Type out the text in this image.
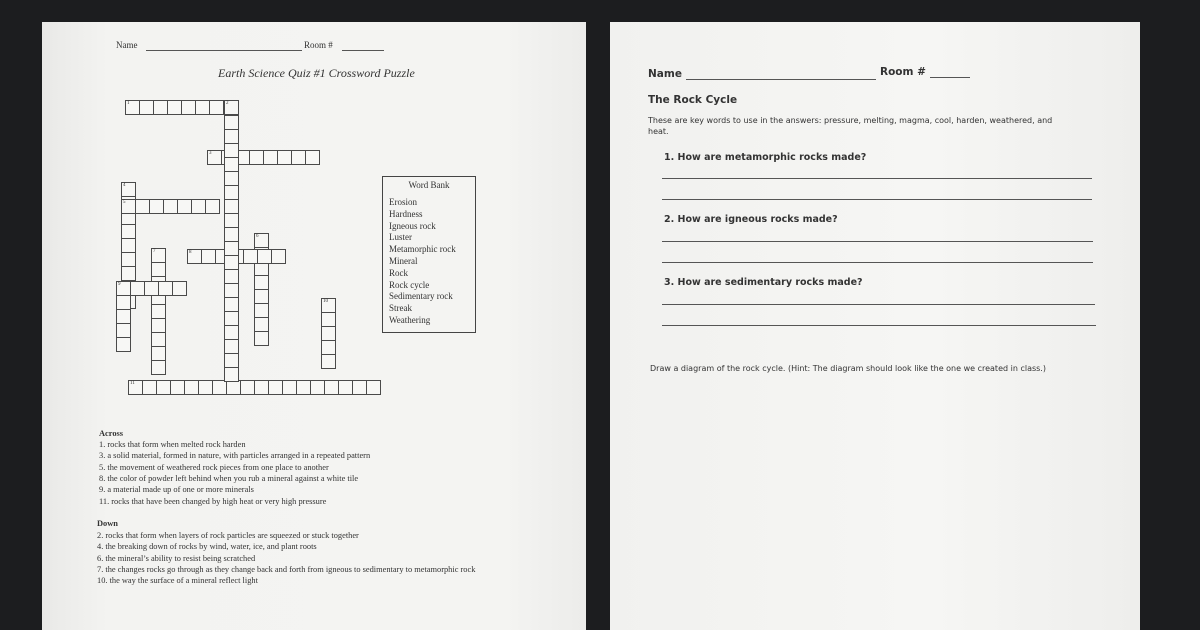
Name	Room #
Earth Science Quiz #1 Crossword Puzzle
1	2
3
4
5
6
7	8
9
10
11
Word Bank
Erosion
Hardness
Igneous rock
Luster
Metamorphic rock
Mineral
Rock
Rock cycle
Sedimentary rock
Streak
Weathering
Across
1. rocks that form when melted rock harden
3. a solid material, formed in nature, with particles arranged in a repeated pattern
5. the movement of weathered rock pieces from one place to another
8. the color of powder left behind when you rub a mineral against a white tile
9. a material made up of one or more minerals
11. rocks that have been changed by high heat or very high pressure
Down
2. rocks that form when layers of rock particles are squeezed or stuck together
4. the breaking down of rocks by wind, water, ice, and plant roots
6. the mineral’s ability to resist being scratched
7. the changes rocks go through as they change back and forth from igneous to sedimentary to metamorphic rock
10. the way the surface of a mineral reflect light
Name	Room #
The Rock Cycle
These are key words to use in the answers: pressure, melting, magma, cool, harden, weathered, and
heat.
1. How are metamorphic rocks made?
2. How are igneous rocks made?
3. How are sedimentary rocks made?
Draw a diagram of the rock cycle. (Hint: The diagram should look like the one we created in class.)
